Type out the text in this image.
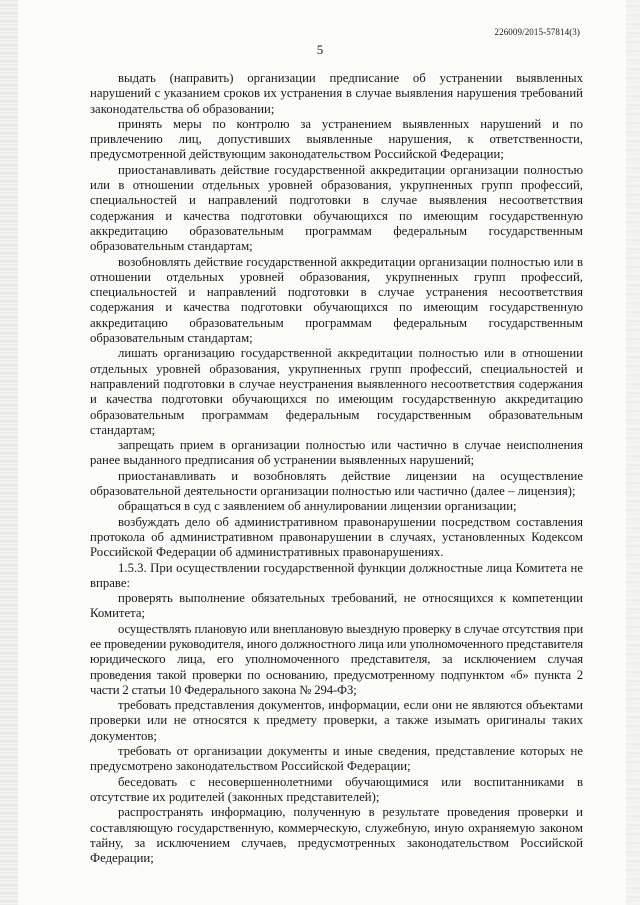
226009/2015-57814(3)
5

выдать (направить) организации предписание об устранении выявленных нарушений с указанием сроков их устранения в случае выявления нарушения требований законодательства об образовании;

принять меры по контролю за устранением выявленных нарушений и по привлечению лиц, допустивших выявленные нарушения, к ответственности, предусмотренной действующим законодательством Российской Федерации;

приостанавливать действие государственной аккредитации организации полностью или в отношении отдельных уровней образования, укрупненных групп профессий, специальностей и направлений подготовки в случае выявления несоответствия содержания и качества подготовки обучающихся по имеющим государственную аккредитацию образовательным программам федеральным государственным образовательным стандартам;

возобновлять действие государственной аккредитации организации полностью или в отношении отдельных уровней образования, укрупненных групп профессий, специальностей и направлений подготовки в случае устранения несоответствия содержания и качества подготовки обучающихся по имеющим государственную аккредитацию образовательным программам федеральным государственным образовательным стандартам;

лишать организацию государственной аккредитации полностью или в отношении отдельных уровней образования, укрупненных групп профессий, специальностей и направлений подготовки в случае неустранения выявленного несоответствия содержания и качества подготовки обучающихся по имеющим государственную аккредитацию образовательным программам федеральным государственным образовательным стандартам;

запрещать прием в организации полностью или частично в случае неисполнения ранее выданного предписания об устранении выявленных нарушений;

приостанавливать и возобновлять действие лицензии на осуществление образовательной деятельности организации полностью или частично (далее – лицензия);

обращаться в суд с заявлением об аннулировании лицензии организации;

возбуждать дело об административном правонарушении посредством составления протокола об административном правонарушении в случаях, установленных Кодексом Российской Федерации об административных правонарушениях.

1.5.3. При осуществлении государственной функции должностные лица Комитета не вправе:

проверять выполнение обязательных требований, не относящихся к компетенции Комитета;

осуществлять плановую или внеплановую выездную проверку в случае отсутствия при ее проведении руководителя, иного должностного лица или уполномоченного представителя юридического лица, его уполномоченного представителя, за исключением случая проведения такой проверки по основанию, предусмотренному подпунктом «б» пункта 2 части 2 статьи 10 Федерального закона № 294-ФЗ;

требовать представления документов, информации, если они не являются объектами проверки или не относятся к предмету проверки, а также изымать оригиналы таких документов;

требовать от организации документы и иные сведения, представление которых не предусмотрено законодательством Российской Федерации;

беседовать с несовершеннолетними обучающимися или воспитанниками в отсутствие их родителей (законных представителей);

распространять информацию, полученную в результате проведения проверки и составляющую государственную, коммерческую, служебную, иную охраняемую законом тайну, за исключением случаев, предусмотренных законодательством Российской Федерации;
